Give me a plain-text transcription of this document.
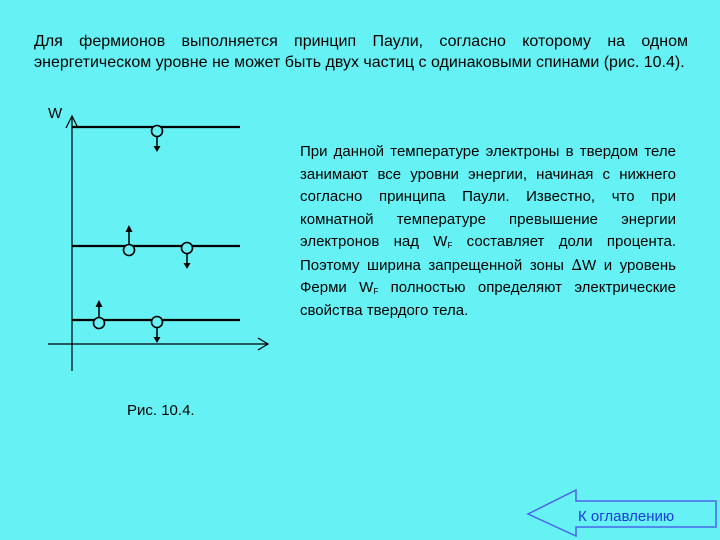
Для фермионов выполняется принцип Паули, согласно которому на одном энергетическом уровне не может быть двух частиц с одинаковыми спинами (рис. 10.4).

W

При данной температуре электроны в твердом теле занимают все уровни энергии, начиная с нижнего согласно принципа Паули. Известно, что при комнатной температуре превышение энергии электронов над $W_F$ составляет доли процента. Поэтому ширина запрещенной зоны ∆W и уровень Ферми $W_F$ полностью определяют электрические свойства твердого тела.

Рис. 10.4.
К оглавлению
